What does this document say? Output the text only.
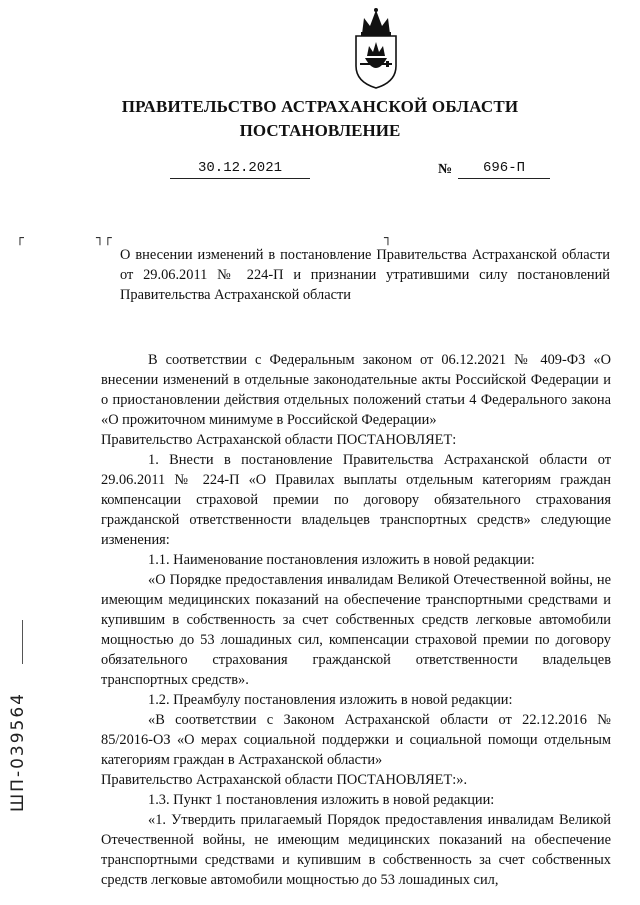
ПРАВИТЕЛЬСТВО АСТРАХАНСКОЙ ОБЛАСТИ
ПОСТАНОВЛЕНИЕ
30.12.2021	№	696-П
┌	┐┌	┐
О внесении изменений в постановление Правительства Астраханской области от 29.06.2011 № 224-П и признании утратившими силу постановлений Правительства Астраханской области

В соответствии с Федеральным законом от 06.12.2021 № 409-ФЗ «О внесении изменений в отдельные законодательные акты Российской Федерации и о приостановлении действия отдельных положений статьи 4 Федерального закона «О прожиточном минимуме в Российской Федерации»

Правительство Астраханской области ПОСТАНОВЛЯЕТ:

1. Внести в постановление Правительства Астраханской области от 29.06.2011 № 224-П «О Правилах выплаты отдельным категориям граждан компенсации страховой премии по договору обязательного страхования гражданской ответственности владельцев транспортных средств» следующие изменения:

1.1. Наименование постановления изложить в новой редакции:

«О Порядке предоставления инвалидам Великой Отечественной войны, не имеющим медицинских показаний на обеспечение транспортными средствами и купившим в собственность за счет собственных средств легковые автомобили мощностью до 53 лошадиных сил, компенсации страховой премии по договору обязательного страхования гражданской ответственности владельцев транспортных средств».

1.2. Преамбулу постановления изложить в новой редакции:

«В соответствии с Законом Астраханской области от 22.12.2016 № 85/2016-ОЗ «О мерах социальной поддержки и социальной помощи отдельным категориям граждан в Астраханской области»

Правительство Астраханской области ПОСТАНОВЛЯЕТ:».

1.3. Пункт 1 постановления изложить в новой редакции:

«1. Утвердить прилагаемый Порядок предоставления инвалидам Великой Отечественной войны, не имеющим медицинских показаний на обеспечение транспортными средствами и купившим в собственность за счет собственных средств легковые автомобили мощностью до 53 лошадиных сил,

ШП-039564
